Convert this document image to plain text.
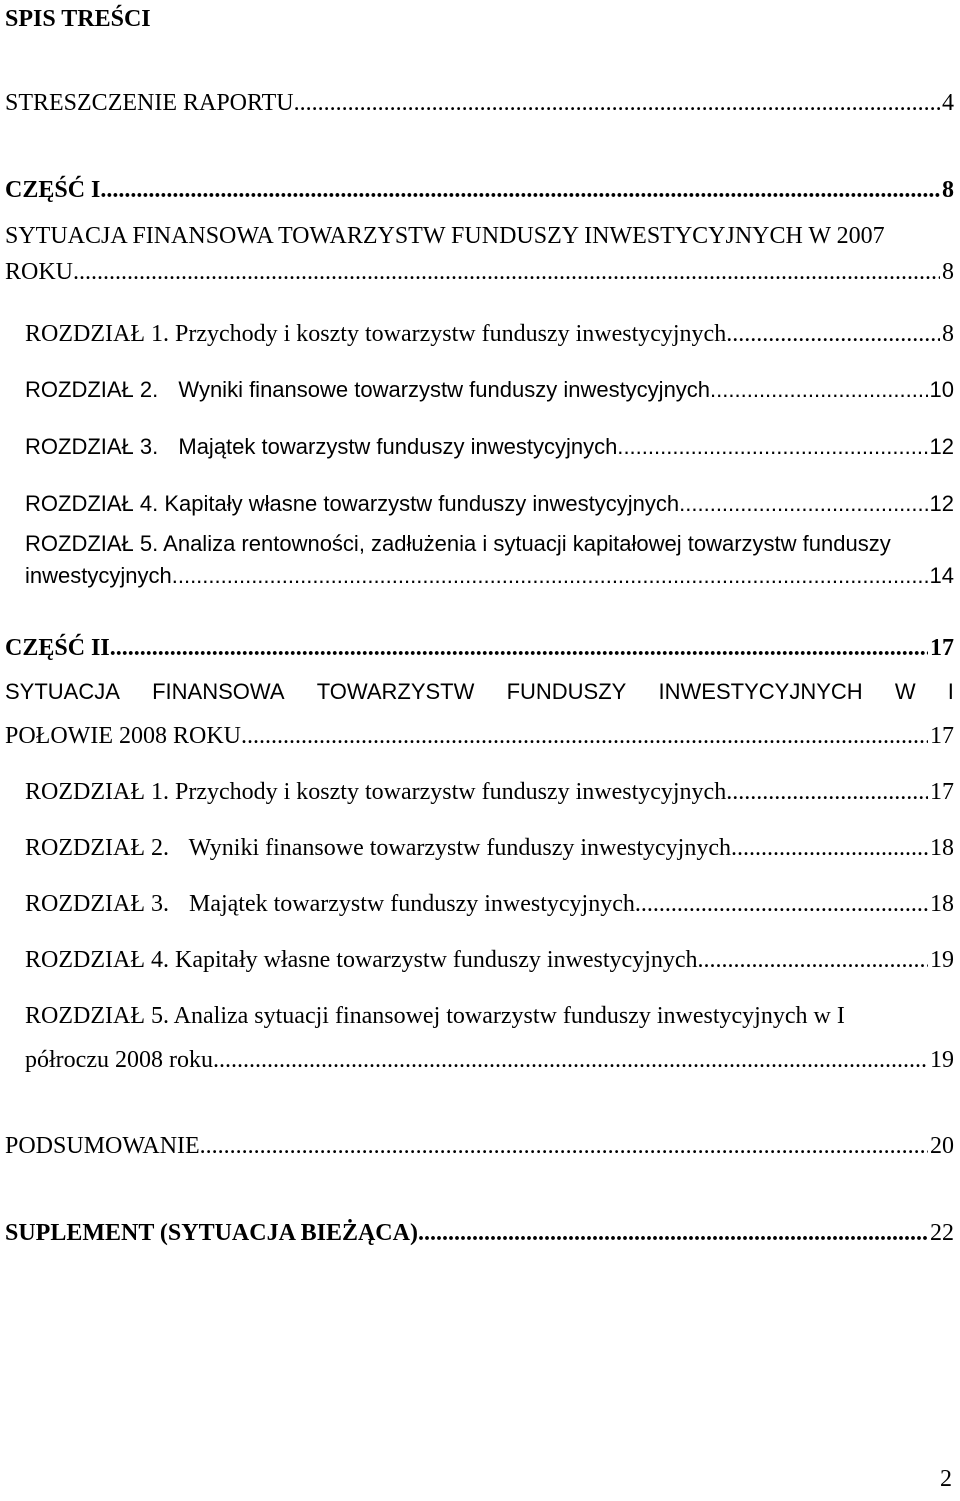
SPIS TREŚCI
STRESZCZENIE RAPORTU. .....	4
CZĘŚĆ I. .....	8
SYTUACJA FINANSOWA TOWARZYSTW FUNDUSZY INWESTYCYJNYCH W 2007
ROKU. .....	8
ROZDZIAŁ 1. Przychody i koszty towarzystw funduszy inwestycyjnych .....	8
ROZDZIAŁ 2. Wyniki finansowe towarzystw funduszy inwestycyjnych. .....	10
ROZDZIAŁ 3. Majątek towarzystw funduszy inwestycyjnych. .....	12
ROZDZIAŁ 4. Kapitały własne towarzystw funduszy inwestycyjnych .....	12
ROZDZIAŁ 5. Analiza rentowności, zadłużenia i sytuacji kapitałowej towarzystw funduszy
inwestycyjnych. .....	14
CZĘŚĆ II. .....	17
SYTUACJA FINANSOWA TOWARZYSTW FUNDUSZY INWESTYCYJNYCH W I
POŁOWIE 2008 ROKU. .....	17
ROZDZIAŁ 1. Przychody i koszty towarzystw funduszy inwestycyjnych. .....	17
ROZDZIAŁ 2. Wyniki finansowe towarzystw funduszy inwestycyjnych .....	18
ROZDZIAŁ 3. Majątek towarzystw funduszy inwestycyjnych. .....	18
ROZDZIAŁ 4. Kapitały własne towarzystw funduszy inwestycyjnych .....	19
ROZDZIAŁ 5. Analiza sytuacji finansowej towarzystw funduszy inwestycyjnych w I
półroczu 2008 roku. .....	19
PODSUMOWANIE .....	20
SUPLEMENT (SYTUACJA BIEŻĄCA) .....	22
2
